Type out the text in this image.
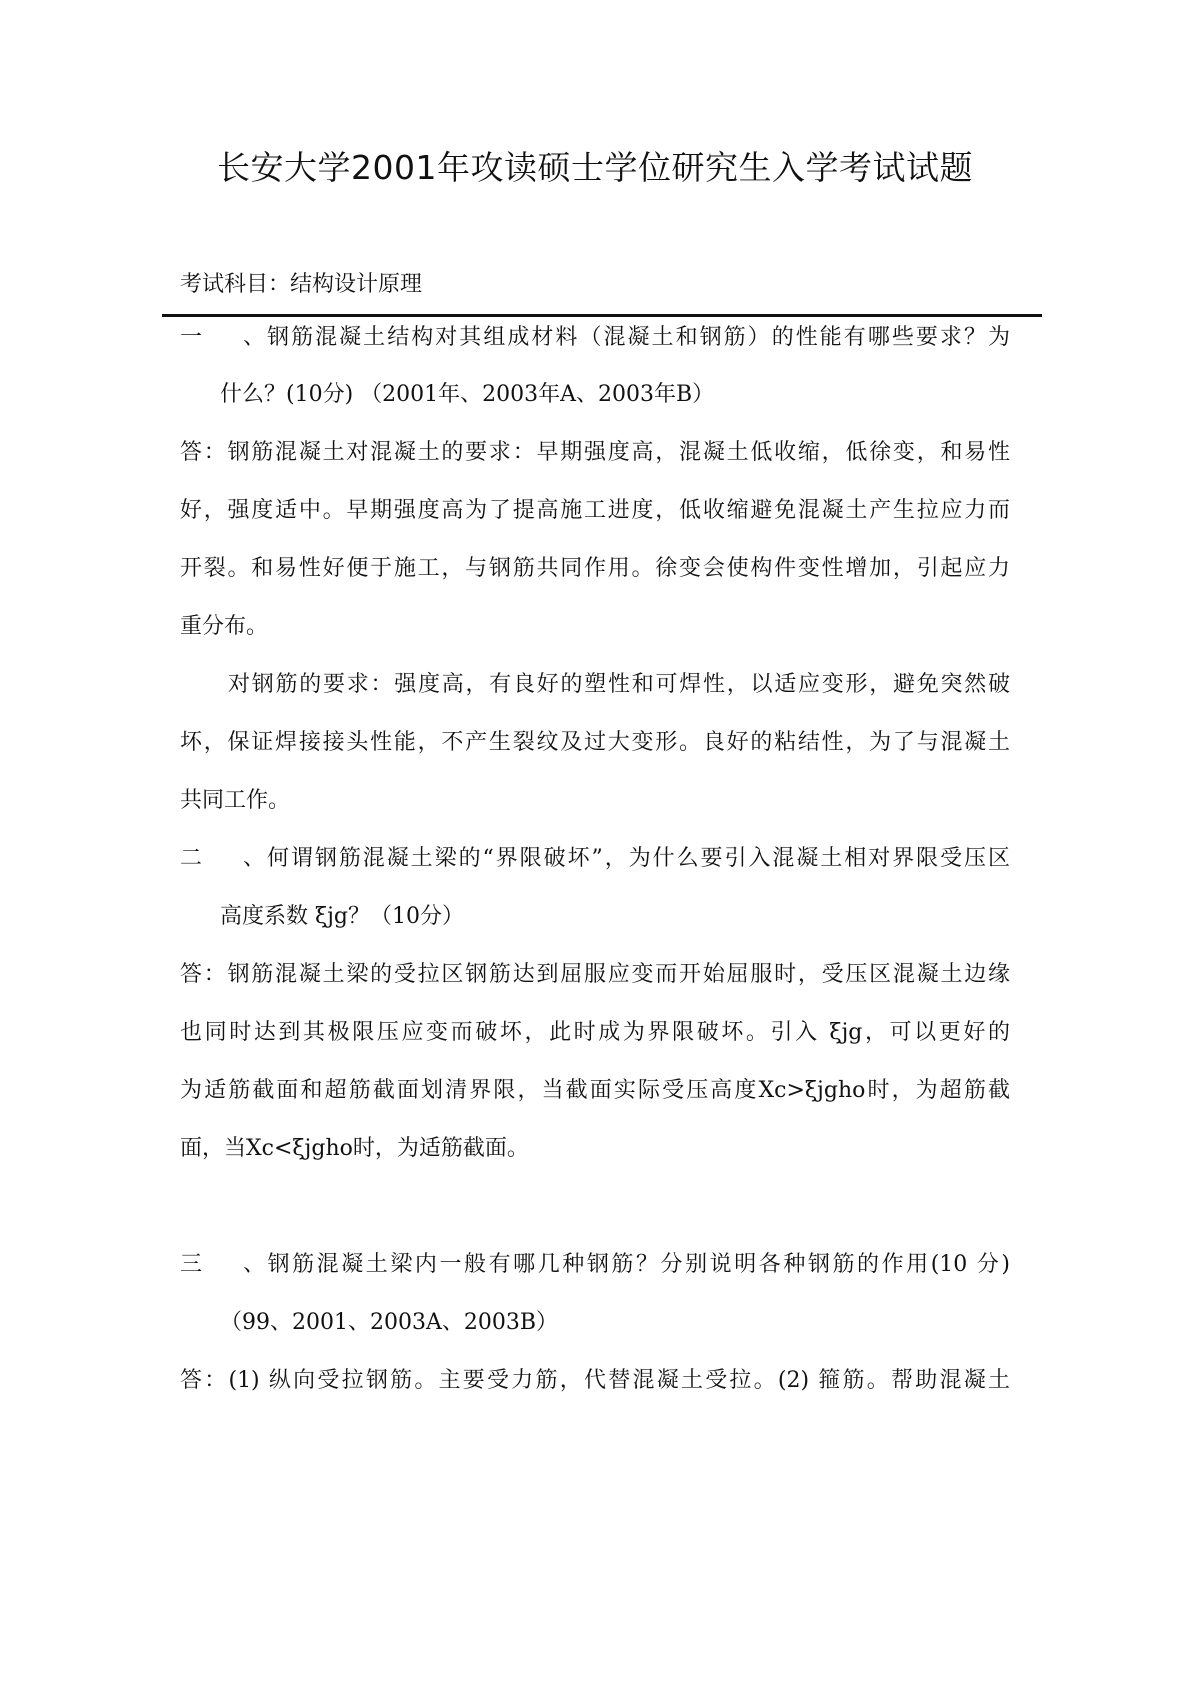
长安大学2001年攻读硕士学位研究生入学考试试题
考试科目：结构设计原理
一、钢筋混凝土结构对其组成材料（混凝土和钢筋）的性能有哪些要求？为
什么？(10分) （2001年、2003年A、2003年B）
答：钢筋混凝土对混凝土的要求：早期强度高，混凝土低收缩，低徐变，和易性
好，强度适中。早期强度高为了提高施工进度，低收缩避免混凝土产生拉应力而
开裂。和易性好便于施工，与钢筋共同作用。徐变会使构件变性增加，引起应力
重分布。
对钢筋的要求：强度高，有良好的塑性和可焊性，以适应变形，避免突然破
坏，保证焊接接头性能，不产生裂纹及过大变形。良好的粘结性，为了与混凝土
共同工作。
二、何谓钢筋混凝土梁的“界限破坏”，为什么要引入混凝土相对界限受压区
高度系数 ξjg？（10分）
答：钢筋混凝土梁的受拉区钢筋达到屈服应变而开始屈服时，受压区混凝土边缘
也同时达到其极限压应变而破坏，此时成为界限破坏。引入 ξjg，可以更好的
为适筋截面和超筋截面划清界限，当截面实际受压高度Xc>ξjgho时，为超筋截
面，当Xc<ξjgho时，为适筋截面。
三、钢筋混凝土梁内一般有哪几种钢筋？分别说明各种钢筋的作用(10 分)
（99、2001、2003A、2003B）
答：(1) 纵向受拉钢筋。主要受力筋，代替混凝土受拉。(2) 箍筋。帮助混凝土
